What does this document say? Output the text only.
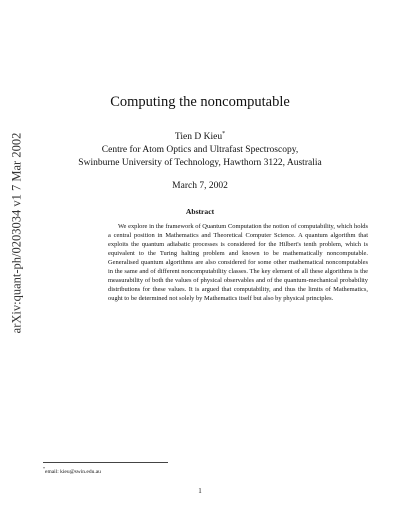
arXiv:quant-ph/0203034 v1 7 Mar 2002
Computing the noncomputable
Tien D Kieu*
Centre for Atom Optics and Ultrafast Spectroscopy,
Swinburne University of Technology, Hawthorn 3122, Australia
March 7, 2002
Abstract
We explore in the framework of Quantum Computation the notion of computability, which holds a central position in Mathematics and Theoretical Computer Science. A quantum algorithm that exploits the quantum adiabatic processes is considered for the Hilbert's tenth problem, which is equivalent to the Turing halting problem and known to be mathematically noncomputable. Generalised quantum algorithms are also considered for some other mathematical noncomputables in the same and of different noncomputability classes. The key element of all these algorithms is the measurability of both the values of physical observables and of the quantum-mechanical probability distributions for these values. It is argued that computability, and thus the limits of Mathematics, ought to be determined not solely by Mathematics itself but also by physical principles.
*email: kieu@swin.edu.au
1
